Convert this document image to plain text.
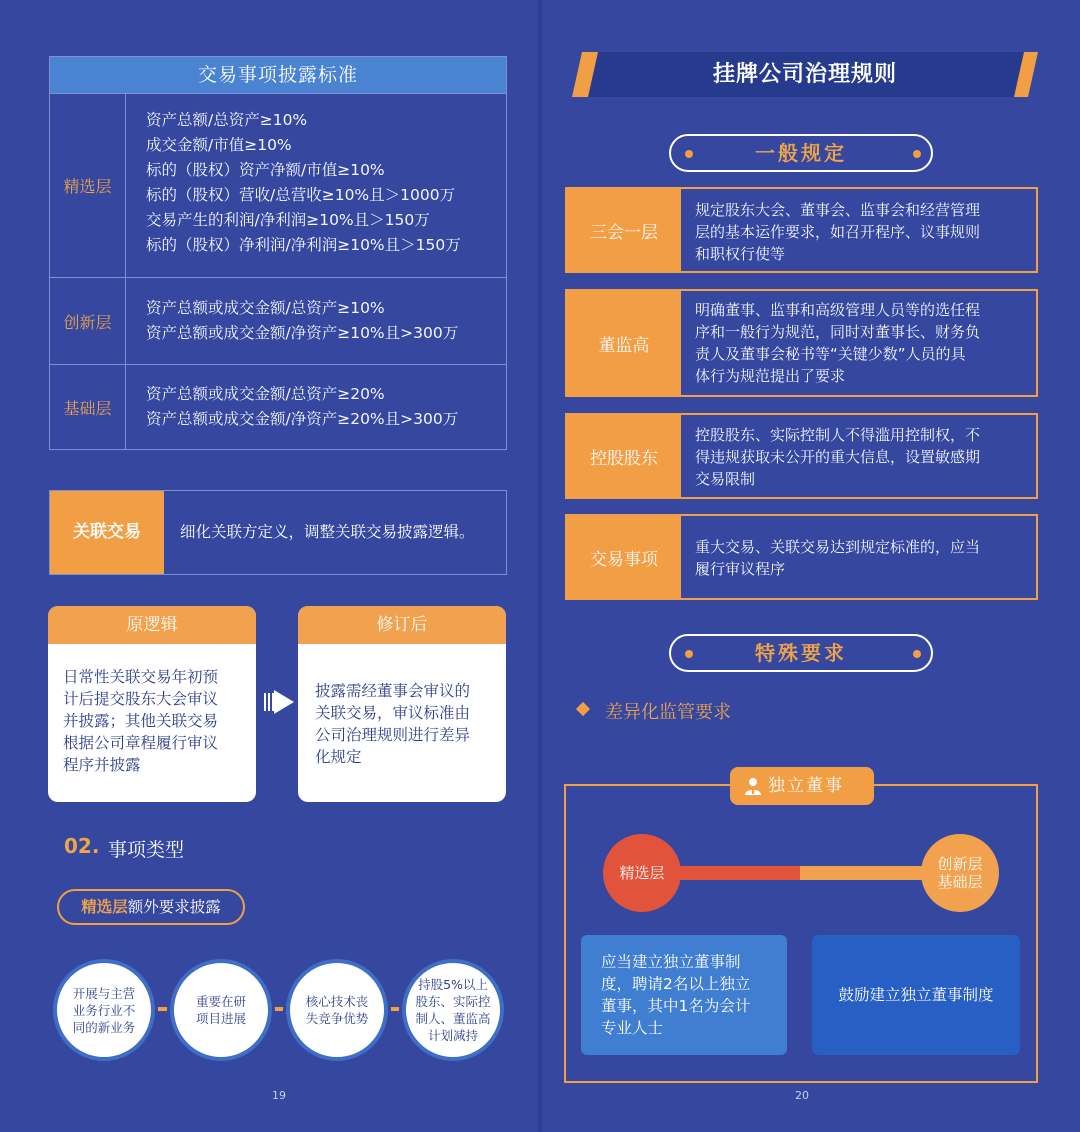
交易事项披露标准
精选层
资产总额/总资产≥10%
成交金额/市值≥10%
标的（股权）资产净额/市值≥10%
标的（股权）营收/总营收≥10%且＞1000万
交易产生的利润/净利润≥10%且＞150万
标的（股权）净利润/净利润≥10%且＞150万
创新层
资产总额或成交金额/总资产≥10%
资产总额或成交金额/净资产≥10%且>300万
基础层
资产总额或成交金额/总资产≥20%
资产总额或成交金额/净资产≥20%且>300万
关联交易	细化关联方定义，调整关联交易披露逻辑。
原逻辑
日常性关联交易年初预
计后提交股东大会审议
并披露；其他关联交易
根据公司章程履行审议
程序并披露
修订后
披露需经董事会审议的
关联交易，审议标准由
公司治理规则进行差异
化规定
02. 事项类型
精选层额外要求披露
开展与主营
业务行业不
同的新业务
重要在研
项目进展
核心技术丧
失竞争优势
持股5%以上
股东、实际控
制人、董监高
计划减持
19
挂牌公司治理规则
一般规定
三会一层
规定股东大会、董事会、监事会和经营管理
层的基本运作要求，如召开程序、议事规则
和职权行使等
董监高
明确董事、监事和高级管理人员等的选任程
序和一般行为规范，同时对董事长、财务负
责人及董事会秘书等“关键少数”人员的具
体行为规范提出了要求
控股股东
控股股东、实际控制人不得滥用控制权，不
得违规获取未公开的重大信息，设置敏感期
交易限制
交易事项
重大交易、关联交易达到规定标准的，应当
履行审议程序
特殊要求
差异化监管要求
独立董事
精选层	创新层
基础层
应当建立独立董事制
度，聘请2名以上独立
董事，其中1名为会计
专业人士
鼓励建立独立董事制度
20
